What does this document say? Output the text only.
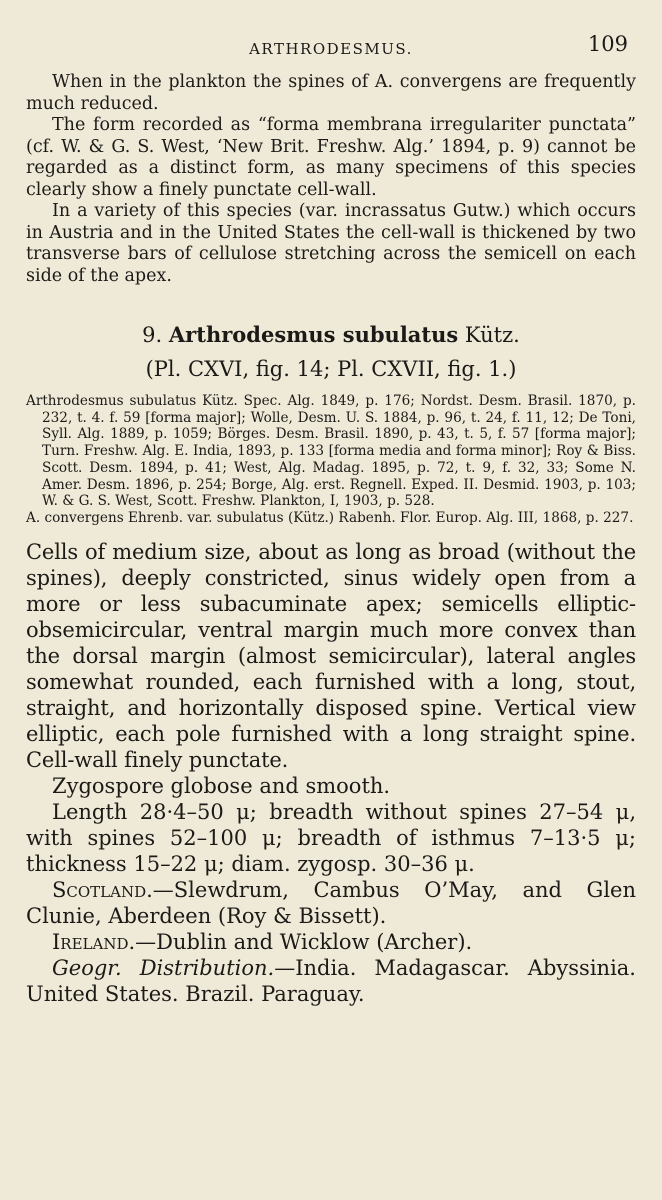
ARTHRODESMUS.	109

When in the plankton the spines of A. convergens are frequently much reduced.

The form recorded as “forma membrana irregulariter punctata” (cf. W. & G. S. West, ‘New Brit. Freshw. Alg.’ 1894, p. 9) cannot be regarded as a distinct form, as many specimens of this species clearly show a finely punctate cell-wall.

In a variety of this species (var. incrassatus Gutw.) which occurs in Austria and in the United States the cell-wall is thickened by two transverse bars of cellulose stretching across the semicell on each side of the apex.

9. Arthrodesmus subulatus Kütz.
(Pl. CXVI, fig. 14; Pl. CXVII, fig. 1.)

Arthrodesmus subulatus Kütz. Spec. Alg. 1849, p. 176; Nordst. Desm. Brasil. 1870, p. 232, t. 4. f. 59 [forma major]; Wolle, Desm. U. S. 1884, p. 96, t. 24, f. 11, 12; De Toni, Syll. Alg. 1889, p. 1059; Börges. Desm. Brasil. 1890, p. 43, t. 5, f. 57 [forma major]; Turn. Freshw. Alg. E. India, 1893, p. 133 [forma media and forma minor]; Roy & Biss. Scott. Desm. 1894, p. 41; West, Alg. Madag. 1895, p. 72, t. 9, f. 32, 33; Some N. Amer. Desm. 1896, p. 254; Borge, Alg. erst. Regnell. Exped. II. Desmid. 1903, p. 103; W. & G. S. West, Scott. Freshw. Plankton, I, 1903, p. 528.

A. convergens Ehrenb. var. subulatus (Kütz.) Rabenh. Flor. Europ. Alg. III, 1868, p. 227.

Cells of medium size, about as long as broad (without the spines), deeply constricted, sinus widely open from a more or less subacuminate apex; semicells elliptic-obsemicircular, ventral margin much more convex than the dorsal margin (almost semicircular), lateral angles somewhat rounded, each furnished with a long, stout, straight, and horizontally disposed spine. Vertical view elliptic, each pole furnished with a long straight spine. Cell-wall finely punctate.

Zygospore globose and smooth.

Length 28·4–50 μ; breadth without spines 27–54 μ, with spines 52–100 μ; breadth of isthmus 7–13·5 μ; thickness 15–22 μ; diam. zygosp. 30–36 μ.

Scotland.—Slewdrum, Cambus O’May, and Glen Clunie, Aberdeen (Roy & Bissett).

Ireland.—Dublin and Wicklow (Archer).

Geogr. Distribution.—India. Madagascar. Abyssinia. United States. Brazil. Paraguay.
